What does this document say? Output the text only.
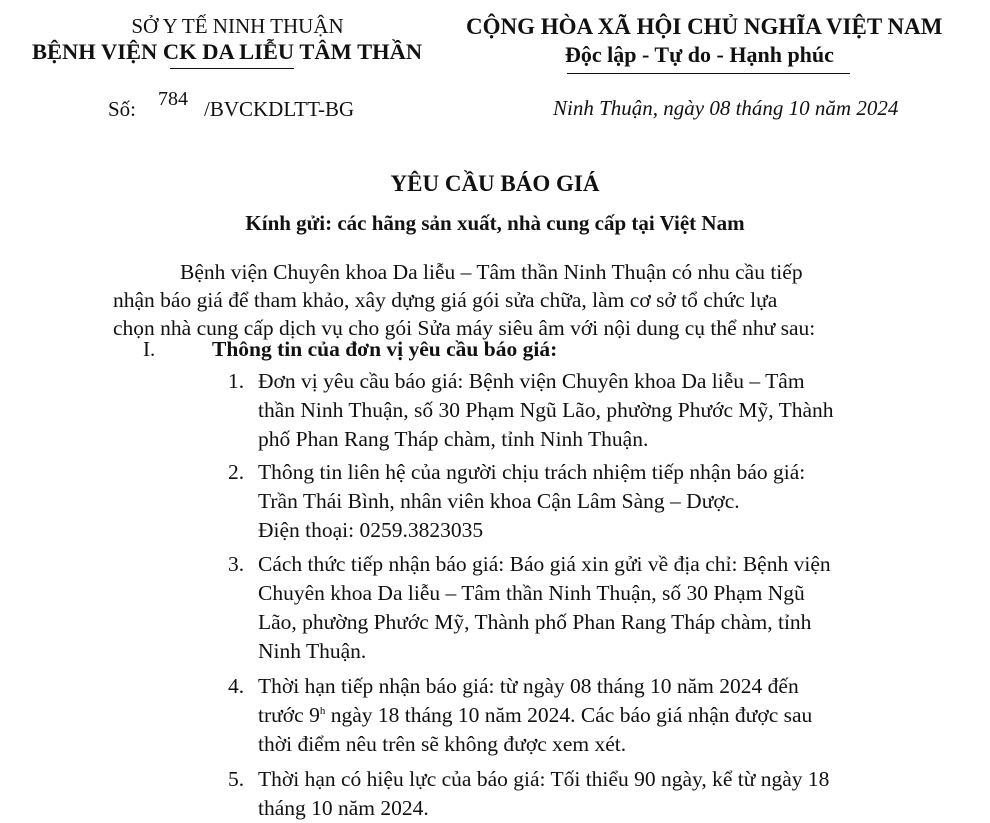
SỞ Y TẾ NINH THUẬN
BỆNH VIỆN CK DA LIỄU TÂM THẦN
CỘNG HÒA XÃ HỘI CHỦ NGHĨA VIỆT NAM
Độc lập - Tự do - Hạnh phúc
Số: 784 /BVCKDLTT-BG	Ninh Thuận, ngày 08 tháng 10 năm 2024
YÊU CẦU BÁO GIÁ
Kính gửi: các hãng sản xuất, nhà cung cấp tại Việt Nam
Bệnh viện Chuyên khoa Da liễu – Tâm thần Ninh Thuận có nhu cầu tiếp
nhận báo giá để tham khảo, xây dựng giá gói sửa chữa, làm cơ sở tổ chức lựa
chọn nhà cung cấp dịch vụ cho gói Sửa máy siêu âm với nội dung cụ thể như sau:
I.	Thông tin của đơn vị yêu cầu báo giá:
1. Đơn vị yêu cầu báo giá: Bệnh viện Chuyên khoa Da liễu – Tâm
thần Ninh Thuận, số 30 Phạm Ngũ Lão, phường Phước Mỹ, Thành
phố Phan Rang Tháp chàm, tỉnh Ninh Thuận.
2. Thông tin liên hệ của người chịu trách nhiệm tiếp nhận báo giá:
Trần Thái Bình, nhân viên khoa Cận Lâm Sàng – Dược.
Điện thoại: 0259.3823035
3. Cách thức tiếp nhận báo giá: Báo giá xin gửi về địa chỉ: Bệnh viện
Chuyên khoa Da liễu – Tâm thần Ninh Thuận, số 30 Phạm Ngũ
Lão, phường Phước Mỹ, Thành phố Phan Rang Tháp chàm, tỉnh
Ninh Thuận.
4. Thời hạn tiếp nhận báo giá: từ ngày 08 tháng 10 năm 2024 đến
trước 9$^h$ ngày 18 tháng 10 năm 2024. Các báo giá nhận được sau
thời điểm nêu trên sẽ không được xem xét.
5. Thời hạn có hiệu lực của báo giá: Tối thiểu 90 ngày, kể từ ngày 18
tháng 10 năm 2024.
